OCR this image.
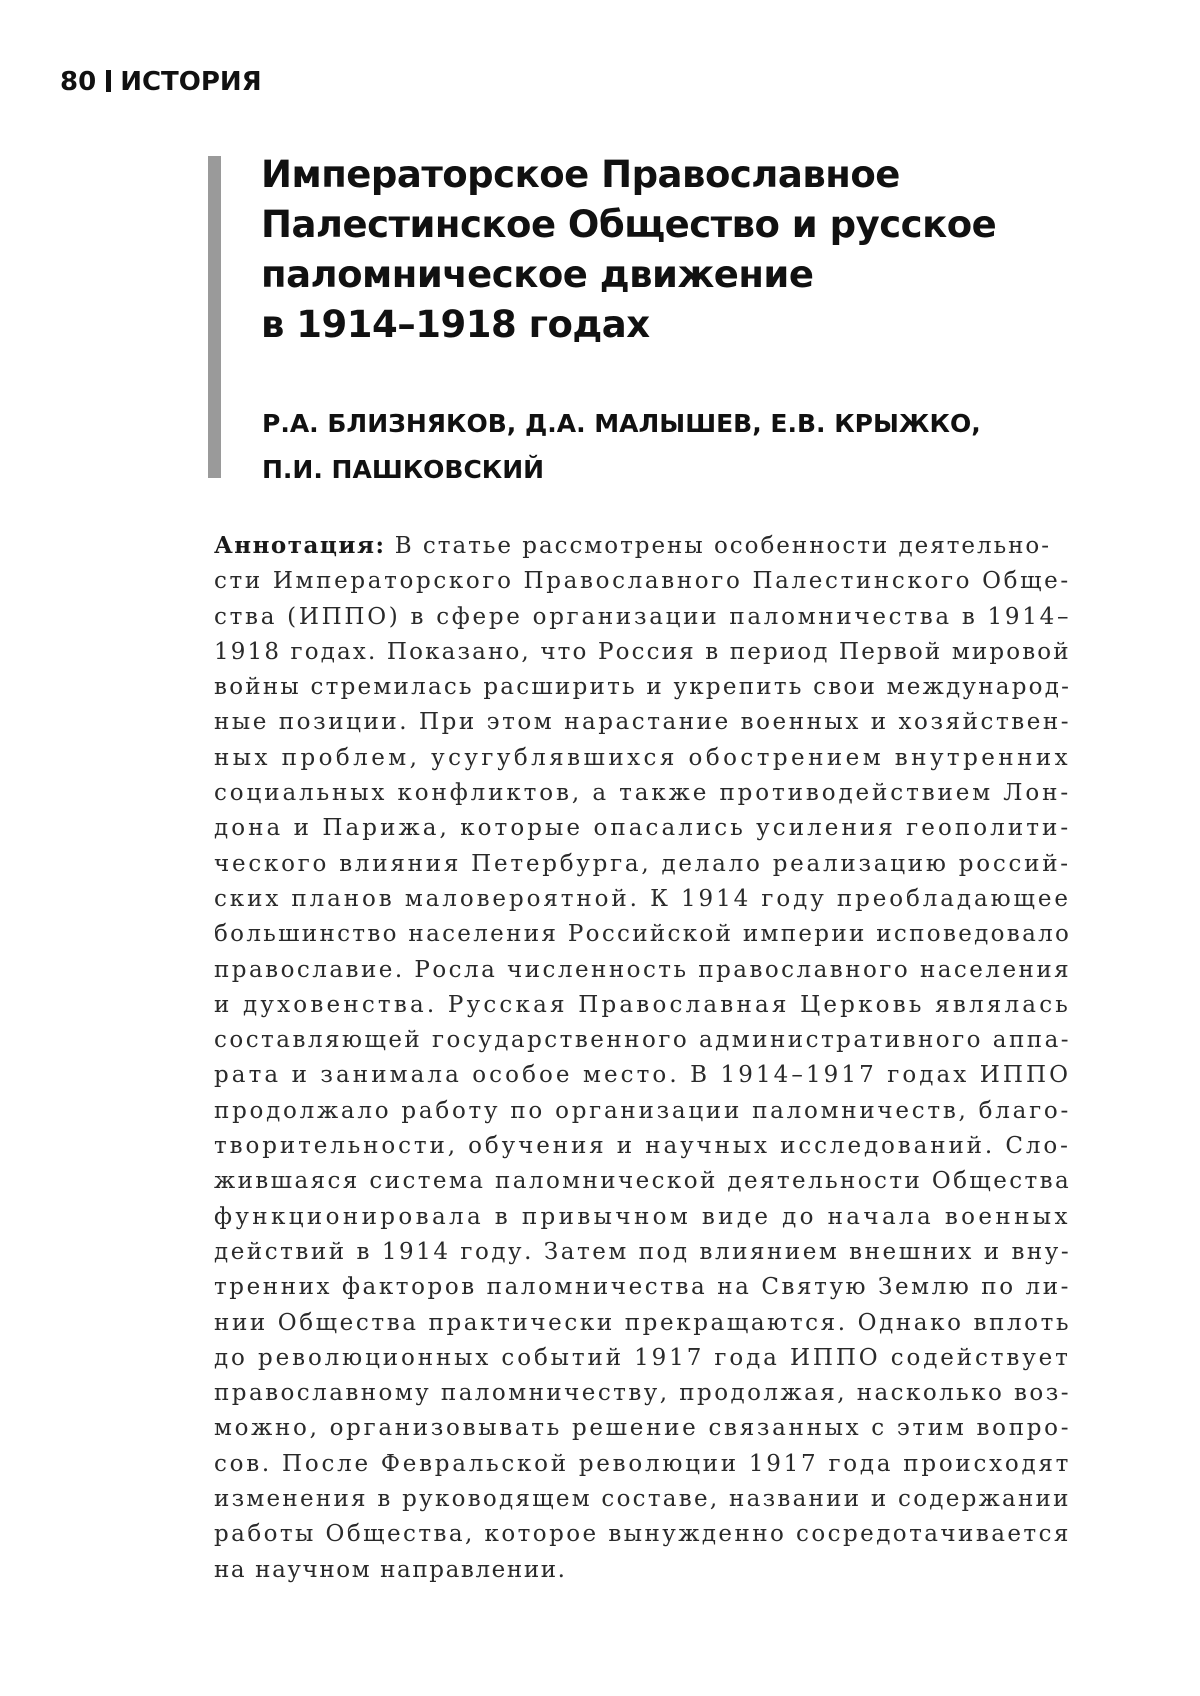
80 ИСТОРИЯ
Императорское Православное
Палестинское Общество и русское
паломническое движение
в 1914–1918 годах
Р.А. БЛИЗНЯКОВ, Д.А. МАЛЫШЕВ, Е.В. КРЫЖКО,
П.И. ПАШКОВСКИЙ
Аннотация: В статье рассмотрены особенности деятельно-
сти Императорского Православного Палестинского Обще-
ства (ИППО) в сфере организации паломничества в 1914–
1918 годах. Показано, что Россия в период Первой мировой
войны стремилась расширить и укрепить свои международ-
ные позиции. При этом нарастание военных и хозяйствен-
ных проблем, усугублявшихся обострением внутренних
социальных конфликтов, а также противодействием Лон-
дона и Парижа, которые опасались усиления геополити-
ческого влияния Петербурга, делало реализацию россий-
ских планов маловероятной. К 1914 году преобладающее
большинство населения Российской империи исповедовало
православие. Росла численность православного населения
и духовенства. Русская Православная Церковь являлась
составляющей государственного административного аппа-
рата и занимала особое место. В 1914–1917 годах ИППО
продолжало работу по организации паломничеств, благо-
творительности, обучения и научных исследований. Сло-
жившаяся система паломнической деятельности Общества
функционировала в привычном виде до начала военных
действий в 1914 году. Затем под влиянием внешних и вну-
тренних факторов паломничества на Святую Землю по ли-
нии Общества практически прекращаются. Однако вплоть
до революционных событий 1917 года ИППО содействует
православному паломничеству, продолжая, насколько воз-
можно, организовывать решение связанных с этим вопро-
сов. После Февральской революции 1917 года происходят
изменения в руководящем составе, названии и содержании
работы Общества, которое вынужденно сосредотачивается
на научном направлении.
